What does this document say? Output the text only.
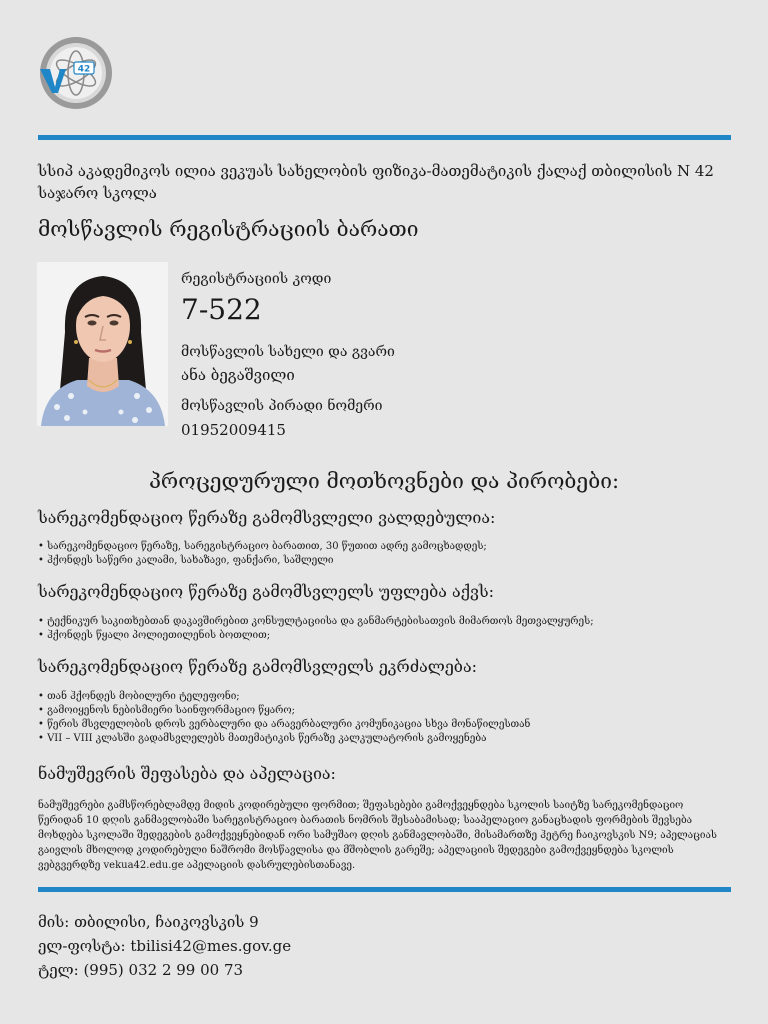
42
სსიპ აკადემიკოს ილია ვეკუას სახელობის ფიზიკა-მათემატიკის ქალაქ თბილისის N 42 საჯარო სკოლა
მოსწავლის რეგისტრაციის ბარათი
რეგისტრაციის კოდი
7-522
მოსწავლის სახელი და გვარი
ანა ბეგაშვილი
მოსწავლის პირადი ნომერი
01952009415
პროცედურული მოთხოვნები და პირობები:
სარეკომენდაციო წერაზე გამომსვლელი ვალდებულია:
• სარეკომენდაციო წერაზე, სარეგისტრაციო ბარათით, 30 წუთით ადრე გამოცხადდეს;
• ჰქონდეს საწერი კალამი, სახაზავი, ფანქარი, საშლელი
სარეკომენდაციო წერაზე გამომსვლელს უფლება აქვს:
• ტექნიკურ საკითხებთან დაკავშირებით კონსულტაციისა და განმარტებისათვის მიმართოს მეთვალყურეს;
• ჰქონდეს წყალი პოლიეთილენის ბოთლით;
სარეკომენდაციო წერაზე გამომსვლელს ეკრძალება:
• თან ჰქონდეს მობილური ტელეფონი;
• გამოიყენოს ნებისმიერი საინფორმაციო წყარო;
• წერის მსვლელობის დროს ვერბალური და არავერბალური კომუნიკაცია სხვა მონაწილესთან
• VII – VIII კლასში გადამსვლელებს მათემატიკის წერაზე კალკულატორის გამოყენება
ნამუშევრის შეფასება და აპელაცია:
ნამუშევრები გამსწორებლამდე მიდის კოდირებული ფორმით; შეფასებები გამოქვეყნდება სკოლის საიტზე სარეკომენდაციო წერიდან 10 დღის განმავლობაში სარეგისტრაციო ბარათის ნომრის შესაბამისად; სააპელაციო განაცხადის ფორმების შევსება მოხდება სკოლაში შედეგების გამოქვეყნებიდან ორი სამუშაო დღის განმავლობაში, მისამართზე ჰეტრე ჩაიკოვსკის N9; აპელაციას გაივლის მხოლოდ კოდირებული ნაშრომი მოსწავლისა და მშობლის გარეშე; აპელაციის შედეგები გამოქვეყნდება სკოლის ვებგვერდზე vekua42.edu.ge აპელაციის დასრულებისთანავე.
მის: თბილისი, ჩაიკოვსკის 9
ელ-ფოსტა: tbilisi42@mes.gov.ge
ტელ: (995) 032 2 99 00 73
